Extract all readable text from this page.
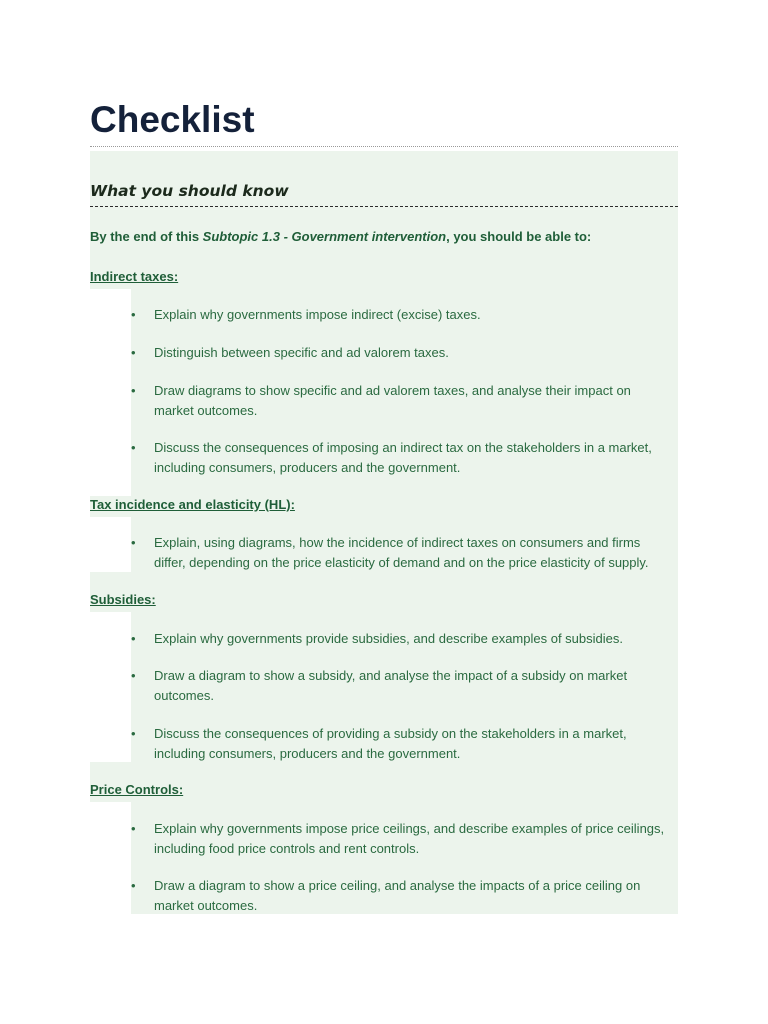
Checklist
What you should know

By the end of this Subtopic 1.3 - Government intervention, you should be able to:

Indirect taxes:

• Explain why governments impose indirect (excise) taxes.

• Distinguish between specific and ad valorem taxes.

• Draw diagrams to show specific and ad valorem taxes, and analyse their impact on market outcomes.

• Discuss the consequences of imposing an indirect tax on the stakeholders in a market, including consumers, producers and the government.

Tax incidence and elasticity (HL):

• Explain, using diagrams, how the incidence of indirect taxes on consumers and firms differ, depending on the price elasticity of demand and on the price elasticity of supply.

Subsidies:

• Explain why governments provide subsidies, and describe examples of subsidies.

• Draw a diagram to show a subsidy, and analyse the impact of a subsidy on market outcomes.

• Discuss the consequences of providing a subsidy on the stakeholders in a market, including consumers, producers and the government.

Price Controls:

• Explain why governments impose price ceilings, and describe examples of price ceilings, including food price controls and rent controls.

• Draw a diagram to show a price ceiling, and analyse the impacts of a price ceiling on market outcomes.
